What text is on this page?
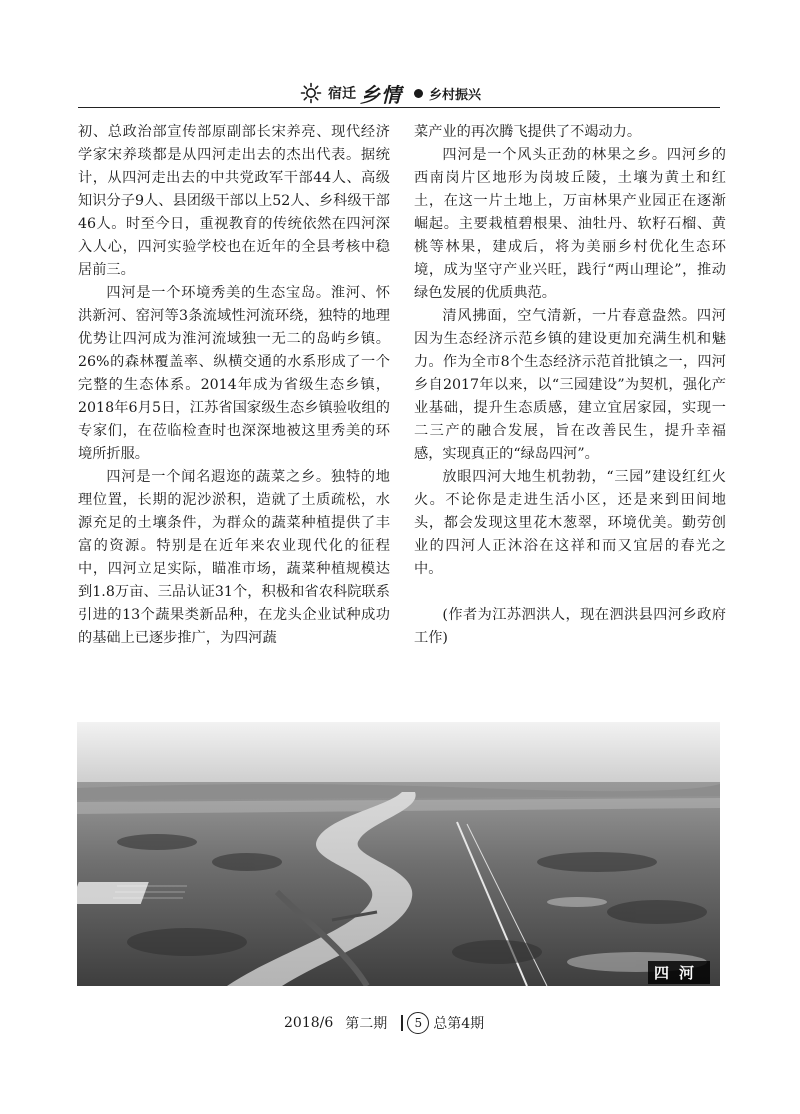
宿迁 乡情 乡村振兴

初、总政治部宣传部原副部长宋养亮、现代经济学家宋养琰都是从四河走出去的杰出代表。据统计，从四河走出去的中共党政军干部44人、高级知识分子9人、县团级干部以上52人、乡科级干部46人。时至今日，重视教育的传统依然在四河深入人心，四河实验学校也在近年的全县考核中稳居前三。

四河是一个环境秀美的生态宝岛。淮河、怀洪新河、窑河等3条流域性河流环绕，独特的地理优势让四河成为淮河流域独一无二的岛屿乡镇。26%的森林覆盖率、纵横交通的水系形成了一个完整的生态体系。2014年成为省级生态乡镇，2018年6月5日，江苏省国家级生态乡镇验收组的专家们，在莅临检查时也深深地被这里秀美的环境所折服。

四河是一个闻名遐迩的蔬菜之乡。独特的地理位置，长期的泥沙淤积，造就了土质疏松，水源充足的土壤条件，为群众的蔬菜种植提供了丰富的资源。特别是在近年来农业现代化的征程中，四河立足实际，瞄准市场，蔬菜种植规模达到1.8万亩、三品认证31个，积极和省农科院联系引进的13个蔬果类新品种，在龙头企业试种成功的基础上已逐步推广，为四河蔬

菜产业的再次腾飞提供了不竭动力。

四河是一个风头正劲的林果之乡。四河乡的西南岗片区地形为岗坡丘陵，土壤为黄土和红土，在这一片土地上，万亩林果产业园正在逐渐崛起。主要栽植碧根果、油牡丹、软籽石榴、黄桃等林果，建成后，将为美丽乡村优化生态环境，成为坚守产业兴旺，践行“两山理论”，推动绿色发展的优质典范。

清风拂面，空气清新，一片春意盎然。四河因为生态经济示范乡镇的建设更加充满生机和魅力。作为全市8个生态经济示范首批镇之一，四河乡自2017年以来，以“三园建设”为契机，强化产业基础，提升生态质感，建立宜居家园，实现一二三产的融合发展，旨在改善民生，提升幸福感，实现真正的“绿岛四河”。

放眼四河大地生机勃勃，“三园”建设红红火火。不论你是走进生活小区，还是来到田间地头，都会发现这里花木葱翠，环境优美。勤劳创业的四河人正沐浴在这祥和而又宜居的春光之中。

(作者为江苏泗洪人，现在泗洪县四河乡政府工作)

四河
2018/6 第二期	5 总第4期
